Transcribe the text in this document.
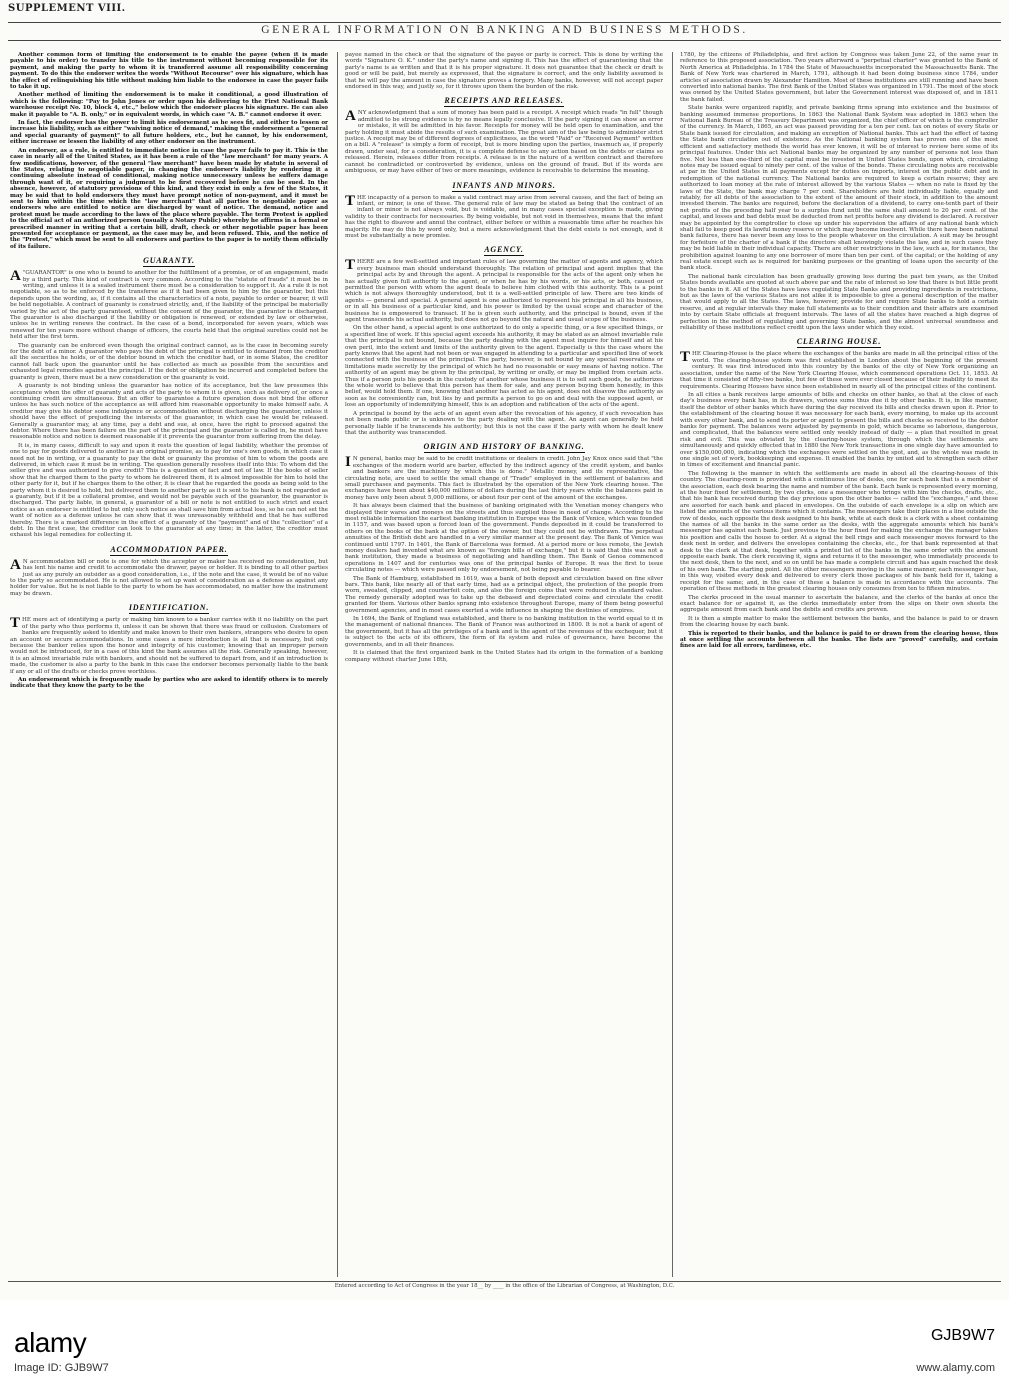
SUPPLEMENT VIII.
GENERAL INFORMATION ON BANKING AND BUSINESS METHODS.

Another common form of limiting the endorsement is to enable the payee (when it is made payable to his order) to transfer his title to the instrument without becoming responsible for its payment, and making the party to whom it is transferred assume all responsibility concerning payment. To do this the endorser writes the words "Without Recourse" over his signature, which has the effect of relinquishing his title without making him liable to the endorsee in case the payer fails to take it up.

Another method of limiting the endorsement is to make it conditional, a good illustration of which is the following: "Pay to John Jones or order upon his delivering to the First National Bank warehouse receipt No. 10, block 4, etc.," below which the endorser places his signature. He can also make it payable to "A. B. only," or in equivalent words, in which case "A. B." cannot endorse it over.

In fact, the endorser has the power to limit his endorsement as he sees fit, and either to lessen or increase his liability, such as either "waiving notice of demand," making the endorsement a "general and special guaranty of payment" to all future holders, etc., but he cannot, by his endorsement, either increase or lessen the liability of any other endorser on the instrument.

An endorser, as a rule, is entitled to immediate notice in case the payer fails to pay it. This is the case in nearly all of the United States, as it has been a rule of the "law merchant" for many years. A few modifications, however, of the general "law merchant" have been made by statute in several of the States, relating to negotiable paper, in changing the endorser's liability by rendering it a continuing absolute instead of conditional, making notice unnecessary unless he suffers damage through want of it, or requiring a judgment to be first recovered before he can be sued. In the absence, however, of statutory provisions of this kind, and they exist in only a few of the States, it may be said that to hold endorsers they must have prompt notice of non-payment, and it must be sent to him within the time which the "law merchant" that all parties to negotiable paper as endorsers who are entitled to notice are discharged by want of notice. The demand, notice and protest must be made according to the laws of the place where payable. The term Protest is applied to the official act of an authorized person (usually a Notary Public) whereby he affirms in a formal or prescribed manner in writing that a certain bill, draft, check or other negotiable paper has been presented for acceptance or payment, as the case may be, and been refused. This, and the notice of the "Protest," which must be sent to all endorsers and parties to the paper is to notify them officially of its failure.

GUARANTY.

A "GUARANTOR" is one who is bound to another for the fulfillment of a promise, or of an engagement, made by a third party. This kind of contract is very common. According to the "statute of frauds" it must be in writing, and unless it is a sealed instrument there must be a consideration to support it. As a rule it is not negotiable, so as to be enforced by the transferee as if it had been given to him by the guarantor, but this depends upon the wording, as, if it contains all the characteristics of a note, payable to order or bearer, it will be held negotiable. A contract of guaranty is construed strictly, and, if the liability of the principal be materially varied by the act of the party guaranteed, without the consent of the guarantor, the guarantor is discharged. The guarantor is also discharged if the liability or obligation is renewed, or extended by law or otherwise, unless he in writing renews the contract. In the case of a bond, incorporated for seven years, which was renewed for ten years more without change of officers, the courts held that the original sureties could not be held after the first term.

The guaranty can be enforced even though the original contract cannot, as is the case in becoming surety for the debt of a minor. A guarantor who pays the debt of the principal is entitled to demand from the creditor all the securities he holds, or of the debtor bound in which the creditor had, or in some States, the creditor cannot fall back upon the guarantor until he has collected as much as possible from the securities and exhausted legal remedies against the principal. If the debt or obligation be incurred and completed before the guaranty is given, there must be a new consideration or the guaranty is void.

A guaranty is not binding unless the guarantor has notice of its acceptance, but the law presumes this acceptance when the offer of guaranty and acts of the party to whom it is given, such as delivery of, or once a continuing credit are simultaneous. But an offer to guarantee a future operation does not bind the offerer unless he has such notice of the acceptance as will afford him reasonable opportunity to make himself safe. A creditor may give his debtor some indulgence or accommodation without discharging the guarantor, unless it should have the effect of prejudicing the interests of the guarantor, in which case he would be released. Generally a guarantor may, at any time, pay a debt and sue, at once, have the right to proceed against the debtor. Where there has been failure on the part of the principal and the guarantor is called in, he must have reasonable notice and notice is deemed reasonable if it prevents the guarantor from suffering from the delay.

It is, in many cases, difficult to say and upon it rests the question of legal liability, whether the promise of one to pay for goods delivered to another is an original promise, as to pay for one's own goods, in which case it need not be in writing, or a guaranty to pay the debt or guaranty the promise of him to whom the goods are delivered, in which case it must be in writing. The question generally resolves itself into this: To whom did the seller give and was authorized to give credit? This is a question of fact and not of law. If the books of seller show that he charged them to the party to whom he delivered them, it is almost impossible for him to hold the other party for it, but if he charges them to the other, it is clear that he regarded the goods as being sold to the party whom it is desired to hold, but delivered them to another party as it is sent to his bank is not regarded as a guaranty, but if it be a collateral promise, and would not be payable such of the guarantor, the guarantor is discharged. The party liable, in general, a guarantor of a bill or note is not entitled to such strict and exact notice as an endorser is entitled to but only such notice as shall save him from actual loss, so he can not set the want of notice as a defense unless he can show that it was unreasonably withheld and that he has suffered thereby. There is a marked difference in the effect of a guaranty of the "payment" and of the "collection" of a debt. In the first case, the creditor can look to the guarantor at any time; in the latter, the creditor must exhaust his legal remedies for collecting it.

ACCOMMODATION PAPER.

A N accommodation bill or note is one for which the acceptor or maker has received no consideration, but has lent his name and credit to accommodate the drawer, payee or holder. It is binding to all other parties just as any purely an outsider as a good consideration, i.e., if the note and the case, it would be of no value to the party so accommodated. He is not allowed to set up want of consideration as a defense as against any holder for value. But he is not liable to the party to whom he has accommodated, no matter how the instrument may be drawn.

IDENTIFICATION.

THE mere act of identifying a party or making him known to a banker carries with it no liability on the part of the party who thus performs it, unless it can be shown that there was fraud or collusion. Customers of banks are frequently asked to identify and make known to their own bankers, strangers who desire to open an account or secure accommodations. In some cases a mere introduction is all that is necessary, but only because the banker relies upon the honor and integrity of his customer, knowing that an improper person would not be introduced, for in a case of this kind the bank assumes all the risk. Generally speaking, however, it is an almost invariable rule with bankers, and should not be suffered to depart from, and if an introduction is made, the customer is also a party to the bank in this case the endorser becomes personally liable to the bank if any or all of the drafts or checks prove worthless.

An endorsement which is frequently made by parties who are asked to identify others is to merely indicate that they know the party to be the

payee named in the check or that the signature of the payee or party is correct. This is done by writing the words "Signature O. K." under the party's name and signing it. This has the effect of guaranteeing that the party's name is as written and that it is his proper signature. It does not guarantee that the check or draft is good or will be paid, but merely as expressed, that the signature is correct, and the only liability assumed is that he will pay the amount in case the signature proves a forgery. Many banks, however, will not accept paper endorsed in this way, and justly so, for it throws upon them the burden of the risk.

RECEIPTS AND RELEASES.

ANY acknowledgment that a sum of money has been paid is a receipt. A receipt which reads "in full" though admitted to be strong evidence is by no means legally conclusive. If the party signing it can show an error or mistake, it will be admitted in his favor. Receipts for money will be held open to examination, and the party holding it must abide the results of such examination. The great aim of the law being to administer strict justice. A receipt may be of different degrees of explicitness, as the word "Paid" or "Received Payment" written on a bill. A "release" is simply a form of receipt, but is more binding upon the parties, inasmuch as, if properly drawn, under seal, for a consideration, it is a complete defense to any action based on the debts or claims so released. Herein, releases differ from receipts. A release is in the nature of a written contract and therefore cannot be contradicted or controverted by evidence, unless on the ground of fraud. But if its words are ambiguous, or may have either of two or more meanings, evidence is receivable to determine the meaning.

INFANTS AND MINORS.

THE incapacity of a person to make a valid contract may arise from several causes, and the fact of being an infant, or minor, is one of these. The general rule of law may be stated as being that the contract of an infant or minor is not always void, but is voidable, and in many cases special exception is made, giving validity to their contracts for necessaries. By being voidable, but not void in themselves, means that the infant has the right to disavow and annul the contract, either before or within a reasonable time after he reaches his majority. He may do this by word only, but a mere acknowledgment that the debt exists is not enough, and it must be substantially a new promise.

AGENCY.

THERE are a few well-settled and important rules of law governing the matter of agents and agency, which every business man should understand thoroughly. The relation of principal and agent implies that the principal acts by and through the agent. A principal is responsible for the acts of the agent only when he has actually given full authority to the agent, or when he has by his words, or his acts, or both, caused or permitted the person with whom the agent deals to believe him clothed with this authority. This is a point which is not always thoroughly understood, but it is a well-settled principle of law. There are two kinds of agents — general and special. A general agent is one authorized to represent his principal in all his business, or in all his business of a particular kind, and his power is limited by the usual scope and character of the business he is empowered to transact. If he is given such authority, and the principal is bound, even if the agent transcends his actual authority, but does not go beyond the natural and usual scope of the business.

On the other hand, a special agent is one authorized to do only a specific thing, or a few specified things, or a specified line of work. If this special agent exceeds his authority, it may be stated as an almost invariable rule that the principal is not bound, because the party dealing with the agent must inquire for himself and at his own peril, into the extent and limits of the authority given to the agent. Especially is this the case where the party knows that the agent had not been or was engaged in attending to a particular and specified line of work connected with the business of the principal. The party, however, is not bound by any special reservations or limitations made secretly by the principal of which he had no reasonable or easy means of having notice. The authority of an agent may be given by the principal, by writing or orally, or may be implied from certain acts. Thus if a person puts his goods in the custody of another whose business it is to sell such goods, he authorizes the whole world to believe that this person has them for sale, and any person buying them honestly, in this belief, would hold them. If one, knowing that another has acted as his agent, does not disavow the authority as soon as he conveniently can, but lies by and permits a person to go on and deal with the supposed agent, or lose an opportunity of indemnifying himself, this is an adoption and ratification of the acts of the agent.

A principal is bound by the acts of an agent even after the revocation of his agency, if such revocation has not been made public or is unknown to the party dealing with the agent. An agent can generally be held personally liable if he transcends his authority; but this is not the case if the party with whom he dealt knew that the authority was transcended.

ORIGIN AND HISTORY OF BANKING.

I N general, banks may be said to be credit institutions or dealers in credit. John Jay Knox once said that "the exchanges of the modern world are barter, effected by the indirect agency of the credit system, and banks and bankers are the machinery by which this is done." Metallic money, and its representative, the circulating note, are used to settle the small change of "Trade" employed in the settlement of balances and small purchases and payments. This fact is illustrated by the operation of the New York clearing house. The exchanges have been about $40,000 millions of dollars during the last thirty years while the balances paid in money have only been about 5,000 millions, or about four per cent of the amount of the exchanges.

It has always been claimed that the business of banking originated with the Venetian money changers who displayed their wares and moneys on the streets and thus supplied those in need of change. According to the most reliable information the earliest banking institution in Europe was the Bank of Venice, which was founded in 1157, and was based upon a forced loan of the government. Funds deposited in it could be transferred to others on the books of the bank at the option of the owner, but they could not be withdrawn. The perpetual annuities of the British debt are handled in a very similar manner at the present day. The Bank of Venice was continued until 1797. In 1401, the Bank of Barcelona was formed. At a period more or less remote, the Jewish money dealers had invented what are known as "foreign bills of exchange," but it is said that this was not a bank institution, they made a business of negotiating and handling them. The Bank of Genoa commenced operations in 1407 and for centuries was one of the principal banks of Europe. It was the first to issue circulating notes — which were passed only by endorsement, not being payable to bearer.

The Bank of Hamburg, established in 1619, was a bank of both deposit and circulation based on fine silver bars. This bank, like nearly all of that early time, had as a principal object, the protection of the people from worn, sweated, clipped, and counterfeit coin, and also the foreign coins that were reduced in standard value. The remedy generally adopted was to take up the debased and depreciated coins and circulate the credit granted for them. Various other banks sprang into existence throughout Europe, many of them being powerful government agencies, and in most cases exerted a wide influence in shaping the destinies of empires.

In 1694, the Bank of England was established, and there is no banking institution in the world equal to it in the management of national finances. The Bank of France was authorized in 1800. It is not a bank of agent of the government, but it has all the privileges of a bank and is the agent of the revenues of the exchequer, but it is subject to the acts of its officers, the form of its system and rules of governance, have become the governments, and in all their finances.

It is claimed that the first organized bank in the United States had its origin in the formation of a banking company without charter June 18th,

1780, by the citizens of Philadelphia, and first action by Congress was taken June 22, of the same year in reference to this proposed association. Two years afterward a "perpetual charter" was granted to the Bank of North America at Philadelphia. In 1784 the State of Massachusetts incorporated the Massachusetts Bank. The Bank of New York was chartered in March, 1791, although it had been doing business since 1784, under articles of association drawn by Alexander Hamilton. Most of these institutions are still running and have been converted into national banks. The first Bank of the United States was organized in 1791. The most of the stock was owned by the United States government, but later the Government interest was disposed of, and in 1811 the bank failed.

State banks were organized rapidly, and private banking firms sprang into existence and the business of banking assumed immense proportions. In 1863 the National Bank System was adopted in 1863 when the National Bank Bureau of the Treasury Department was organized, the chief officer of which is the comptroller of the currency. In March, 1865, an act was passed providing for a ten per cent. tax on notes of every State or State bank issued for circulation, and making an exception of National banks. This act had the effect of taxing the State bank circulation out of existence. As the National banking system has proven one of the most efficient and satisfactory methods the world has ever known, it will be of interest to review here some of its principal features. Under this act National banks may be organized by any number of persons not less than five. Not less than one-third of the capital must be invested in United States bonds, upon which, circulating notes may be issued equal to ninety per cent. of the value of the bonds. These circulating notes are receivable at par in the United States in all payments except for duties on imports, interest on the public debt and in redemption of the national currency. The National banks are required to keep a certain reserve; they are authorized to loan money at the rate of interest allowed by the various States — when no rate is fixed by the laws of the State, the bank may charge 7 per cent. Shareholders are held individually liable, equally and ratably, for all debts of the association to the extent of the amount of their stock, in addition to the amount invested therein. The banks are required, before the declaration of a dividend, to carry one-tenth part of their net profits of the preceding half year to a surplus fund until the same shall amount to 20 per cent. of the capital, and losses and bad debts must be deducted from net profits before any dividend is declared. A receiver may be appointed by the comptroller to close up under his supervision the affairs of any national bank which shall fail to keep good its lawful money reserve or which may become insolvent. While there have been national bank failures, there has never been any loss to the people whatever on the circulation. A suit may be brought for forfeiture of the charter of a bank if the directors shall knowingly violate the law, and in such cases they may be held liable in their individual capacity. There are other restrictions in the law, such as, for instance, the prohibition against loaning to any one borrower of more than ten per cent. of the capital; or the holding of any real estate except such as is required for banking purposes or the granting of loans upon the security of the bank stock.

The national bank circulation has been gradually growing less during the past ten years, as the United States bonds available are quoted at such above par and the rate of interest so low that there is but little profit to the banks in it. All of the States have laws regulating State Banks and providing ingredients in restrictions, but as the laws of the various States are not alike it is impossible to give a general description of the matter that would apply to all the States. The laws, however, provide for and require State banks to hold a certain reserve, and at regular intervals they make full statements as to their condition and their affairs are examined into by certain State officials at frequent intervals. The laws of all the states have reached a high degree of perfection in the method of regulating and governing State banks, and the almost universal soundness and reliability of these institutions reflect credit upon the laws under which they exist.

CLEARING HOUSE.

THE Clearing-House is the place where the exchanges of the banks are made in all the principal cities of the world. The clearing-house system was first established in London about the beginning of the present century. It was first introduced into this country by the banks of the city of New York organizing an association, under the name of the New York Clearing House, which commenced operations Oct. 11, 1853. At that time it consisted of fifty-two banks, but few of these were ever closed because of their inability to meet its requirements. Clearing Houses have since been established in nearly all of the principal cities of the continent.

In all cities a bank receives large amounts of bills and checks on other banks, so that at the close of each day's business every bank has, in its drawers, various sums thus due it by other banks. It is, in like manner, itself the debtor of other banks which have during the day received its bills and checks drawn upon it. Prior to the establishment of the clearing house it was necessary for each bank, every morning, to make up its account with every other bank, and to send its porter or agent to present the bills and checks so received to the debtor banks for payment. The balances were adjusted by payments in gold, which became so laborious, dangerous, and complicated, that the balances were settled only weekly instead of daily — a plan that resulted in great risk and evil. This was obviated by the clearing-house system, through which the settlements are simultaneously and quickly effected that in 1880 the New York transactions in one single day have amounted to over $150,000,000, indicating which the exchanges were settled on the spot, and, as the whole was made in one single set of work, bookkeeping and expense. It enabled the banks by united aid to strengthen each other in times of excitement and financial panic.

The following is the manner in which the settlements are made in about all the clearing-houses of this country. The clearing-room is provided with a continuous line of desks, one for each bank that is a member of the association, each desk bearing the name and number of the bank. Each bank is represented every morning, at the hour fixed for settlement, by two clerks, one a messenger who brings with him the checks, drafts, etc., that his bank has received during the day previous upon the other banks — called the "exchanges," and these are assorted for each bank and placed in envelopes. On the outside of each envelope is a slip on which are listed the amounts of the various items which it contains. The messengers take their places in a line outside the row of desks, each opposite the desk assigned to his bank, while at each desk is a clerk with a sheet containing the names of all the banks in the same order as the desks, with the aggregate amounts which his bank's messenger has against each bank. Just previous to the hour fixed for making the exchange the manager takes his position and calls the house to order. At a signal the bell rings and each messenger moves forward to the desk next in order, and delivers the envelopes containing the checks, etc., for that bank represented at that desk to the clerk at that desk, together with a printed list of the banks in the same order with the amount opposite each bank. The clerk receiving it, signs and returns it to the messenger, who immediately proceeds to the next desk, then to the next, and so on until he has made a complete circuit and has again reached the desk of his own bank. The starting point. All the other messengers moving in the same manner, each messenger has, in this way, visited every desk and delivered to every clerk those packages of his bank held for it, taking a receipt for the same; and, in the case of these a balance is made in accordance with the accounts. The operation of these methods in the greatest clearing houses only consumes from ten to fifteen minutes.

The clerks proceed in the usual manner to ascertain the balance, and the clerks of the banks at once the exact balance for or against it, as the clerks immediately enter from the slips on their own sheets the aggregate amount from each bank and the debits and credits are proven.

It is then a simple matter to make the settlement between the banks, and the balance is paid to or drawn from the clearing house by each bank.

This is reported to their banks, and the balance is paid to or drawn from the clearing house, thus at once settling the accounts between all the banks. The lists are "proved" carefully, and certain fines are laid for all errors, tardiness, etc.

Entered according to Act of Congress in the year 18__ by ____ in the office of the Librarian of Congress, at Washington, D.C.
alamy
Image ID: GJB9W7
GJB9W7
www.alamy.com
